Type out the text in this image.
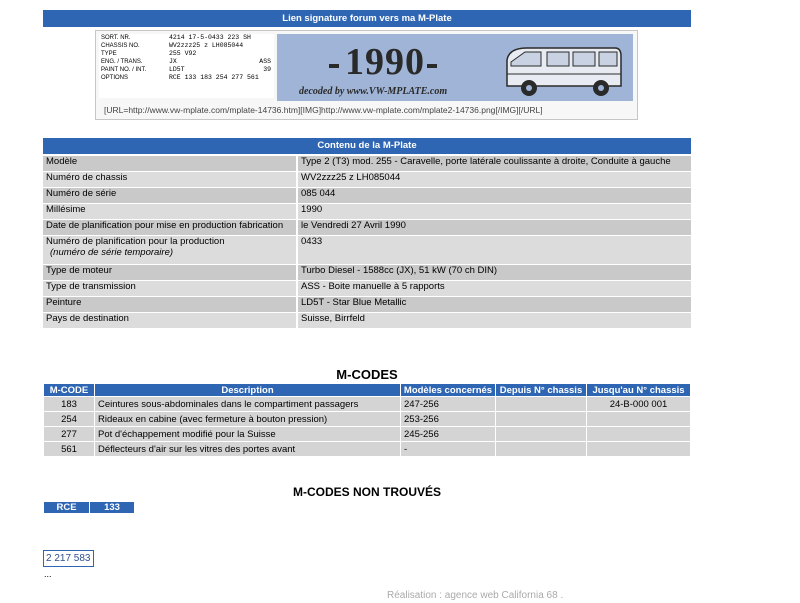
Lien signature forum vers ma M-Plate
SORT. NR.	4214 17-5-0433 223 SH
CHASSIS NO.	WV2zzz25 z LH085044
TYPE	255 V92
ENG. / TRANS.	JX	ASS
PAINT NO. / INT.	LD5T	39
OPTIONS	RCE 133 183 254 277 561 1990
decoded by www.VW-MPLATE.com
[URL=http://www.vw-mplate.com/mplate-14736.htm][IMG]http://www.vw-mplate.com/mplate2-14736.png[/IMG][/URL]
Contenu de la M-Plate
Modèle	Type 2 (T3) mod. 255 - Caravelle, porte latérale coulissante à droite, Conduite à gauche
Numéro de chassis	WV2zzz25 z LH085044
Numéro de série	085 044
Millésime	1990
Date de planification pour mise en production fabrication	le Vendredi 27 Avril 1990

Numéro de planification pour la production
(numéro de série temporaire)	0433
Type de moteur	Turbo Diesel - 1588cc (JX), 51 kW (70 ch DIN)
Type de transmission	ASS - Boite manuelle à 5 rapports
Peinture	LD5T - Star Blue Metallic
Pays de destination	Suisse, Birrfeld
M-CODES
M-CODE	Description	Modèles concernés	Depuis N° chassis	Jusqu'au N° chassis
183	Ceintures sous-abdominales dans le compartiment passagers	247-256		24-B-000 001
254	Rideaux en cabine (avec fermeture à bouton pression)	253-256		
277	Pot d'échappement modifié pour la Suisse	245-256		
561	Déflecteurs d'air sur les vitres des portes avant	-		
M-CODES NON TROUVÉS
RCE	133
2 217 583
...
Réalisation : agence web California 68 .
